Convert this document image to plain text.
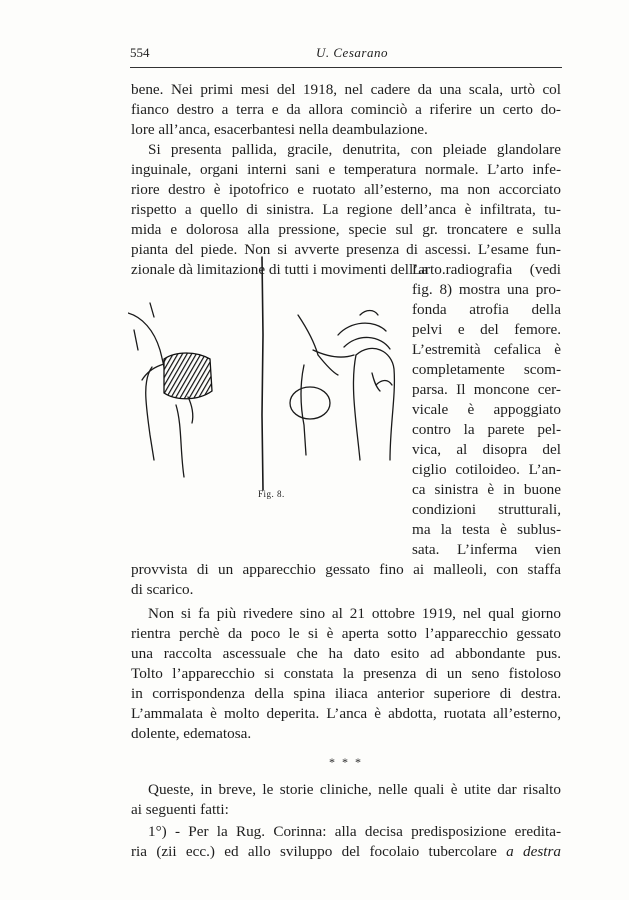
554	U. Cesarano
bene. Nei primi mesi del 1918, nel cadere da una scala, urtò col
fianco destro a terra e da allora cominciò a riferire un certo do-
lore all’anca, esacerbantesi nella deambulazione.
Si presenta pallida, gracile, denutrita, con pleiade glandolare
inguinale, organi interni sani e temperatura normale. L’arto infe-
riore destro è ipotofrico e ruotato all’esterno, ma non accorciato
rispetto a quello di sinistra. La regione dell’anca è infiltrata, tu-
mida e dolorosa alla pressione, specie sul gr. troncatere e sulla
pianta del piede. Non si avverte presenza di ascessi. L’esame fun-
zionale dà limitazione di tutti i movimenti dell’arto.
Fig. 8.
La radiografia (vedi
fig. 8) mostra una pro-
fonda atrofia della
pelvi e del femore.
L’estremità cefalica è
completamente scom-
parsa. Il moncone cer-
vicale è appoggiato
contro la parete pel-
vica, al disopra del
ciglio cotiloideo. L’an-
ca sinistra è in buone
condizioni strutturali,
ma la testa è sublus-
sata. L’inferma vien
provvista di un apparecchio gessato fino ai malleoli, con staffa
di scarico.
Non si fa più rivedere sino al 21 ottobre 1919, nel qual giorno
rientra perchè da poco le si è aperta sotto l’apparecchio gessato
una raccolta ascessuale che ha dato esito ad abbondante pus.
Tolto l’apparecchio si constata la presenza di un seno fistoloso
in corrispondenza della spina iliaca anterior superiore di destra.
L’ammalata è molto deperita. L’anca è abdotta, ruotata all’esterno,
dolente, edematosa.
* * *
Queste, in breve, le storie cliniche, nelle quali è utite dar risalto
ai seguenti fatti:
1°) - Per la Rug. Corinna: alla decisa predisposizione eredita-
ria (zii ecc.) ed allo sviluppo del focolaio tubercolare a destra
